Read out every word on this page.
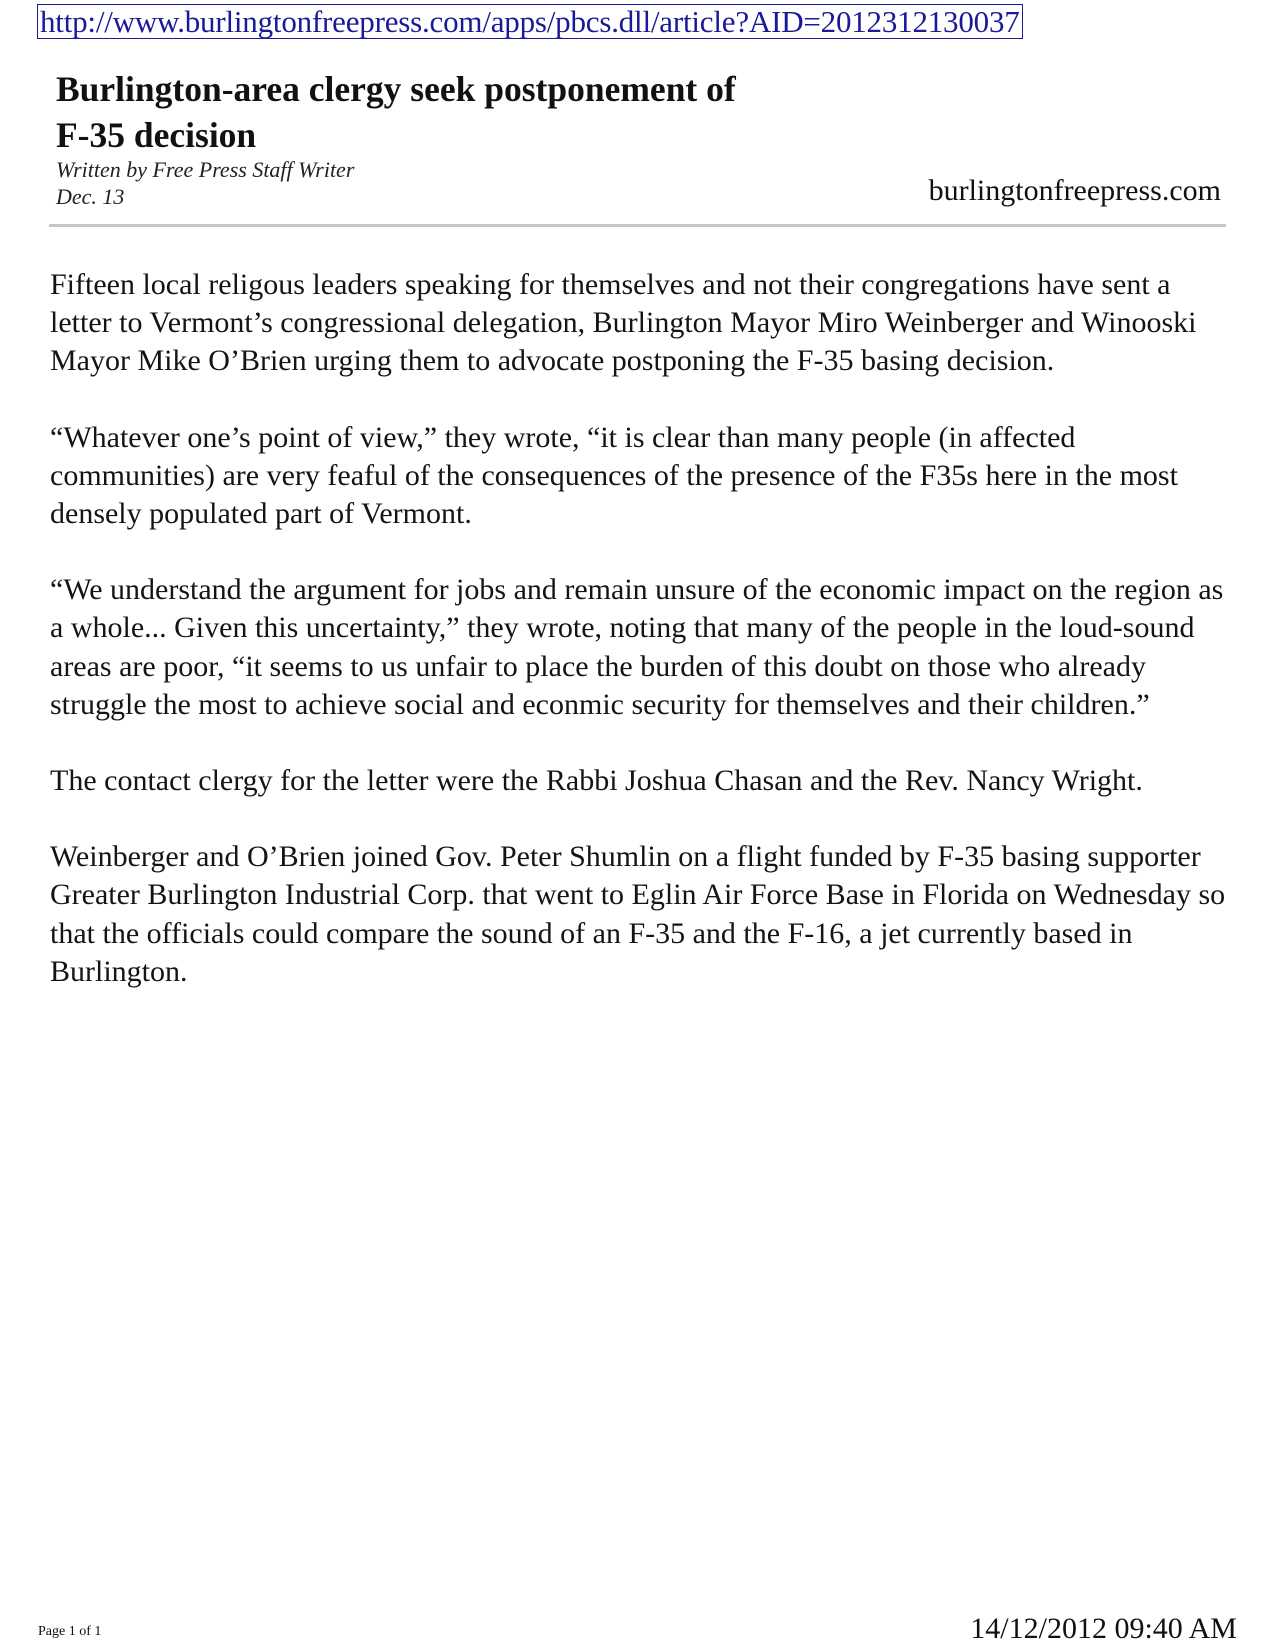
http://www.burlingtonfreepress.com/apps/pbcs.dll/article?AID=2012312130037
Burlington-area clergy seek postponement of
F-35 decision
Written by Free Press Staff Writer
Dec. 13	burlingtonfreepress.com

Fifteen local religous leaders speaking for themselves and not their congregations have sent a letter to Vermont’s congressional delegation, Burlington Mayor Miro Weinberger and Winooski Mayor Mike O’Brien urging them to advocate postponing the F-35 basing decision.

“Whatever one’s point of view,” they wrote, “it is clear than many people (in affected communities) are very feaful of the consequences of the presence of the F35s here in the most densely populated part of Vermont.

“We understand the argument for jobs and remain unsure of the economic impact on the region as a whole... Given this uncertainty,” they wrote, noting that many of the people in the loud-sound areas are poor, “it seems to us unfair to place the burden of this doubt on those who already struggle the most to achieve social and econmic security for themselves and their children.”

The contact clergy for the letter were the Rabbi Joshua Chasan and the Rev. Nancy Wright.

Weinberger and O’Brien joined Gov. Peter Shumlin on a flight funded by F-35 basing supporter Greater Burlington Industrial Corp. that went to Eglin Air Force Base in Florida on Wednesday so that the officials could compare the sound of an F-35 and the F-16, a jet currently based in Burlington.

Page 1 of 1	14/12/2012 09:40 AM
